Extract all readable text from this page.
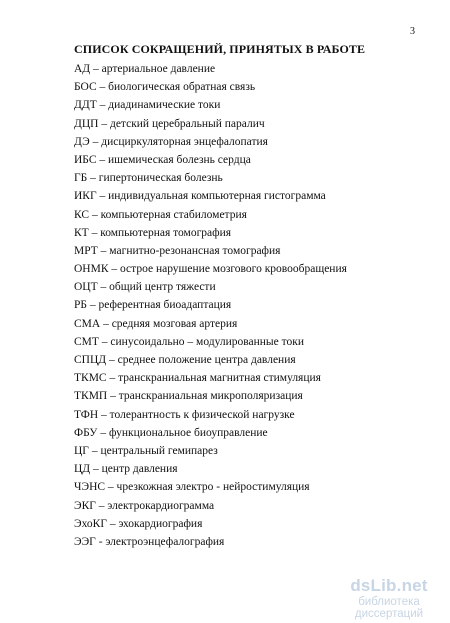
3
СПИСОК СОКРАЩЕНИЙ, ПРИНЯТЫХ В РАБОТЕ
АД – артериальное давление
БОС – биологическая обратная связь
ДДТ – диадинамические токи
ДЦП – детский церебральный паралич
ДЭ – дисциркуляторная энцефалопатия
ИБС – ишемическая болезнь сердца
ГБ – гипертоническая болезнь
ИКГ – индивидуальная компьютерная гистограмма
КС – компьютерная стабилометрия
КТ – компьютерная томография
МРТ – магнитно-резонансная томография
ОНМК – острое нарушение мозгового кровообращения
ОЦТ – общий центр тяжести
РБ – референтная биоадаптация
СМА – средняя мозговая артерия
СМТ – синусоидально – модулированные токи
СПЦД – среднее положение центра давления
ТКМС – транскраниальная магнитная стимуляция
ТКМП – транскраниальная микрополяризация
ТФН – толерантность к физической нагрузке
ФБУ – функциональное биоуправление
ЦГ – центральный гемипарез
ЦД – центр давления
ЧЭНС – чрезкожная электро - нейростимуляция
ЭКГ – электрокардиограмма
ЭхоКГ – эхокардиография
ЭЭГ - электроэнцефалография
dsLib.net
библиотека диссертаций
